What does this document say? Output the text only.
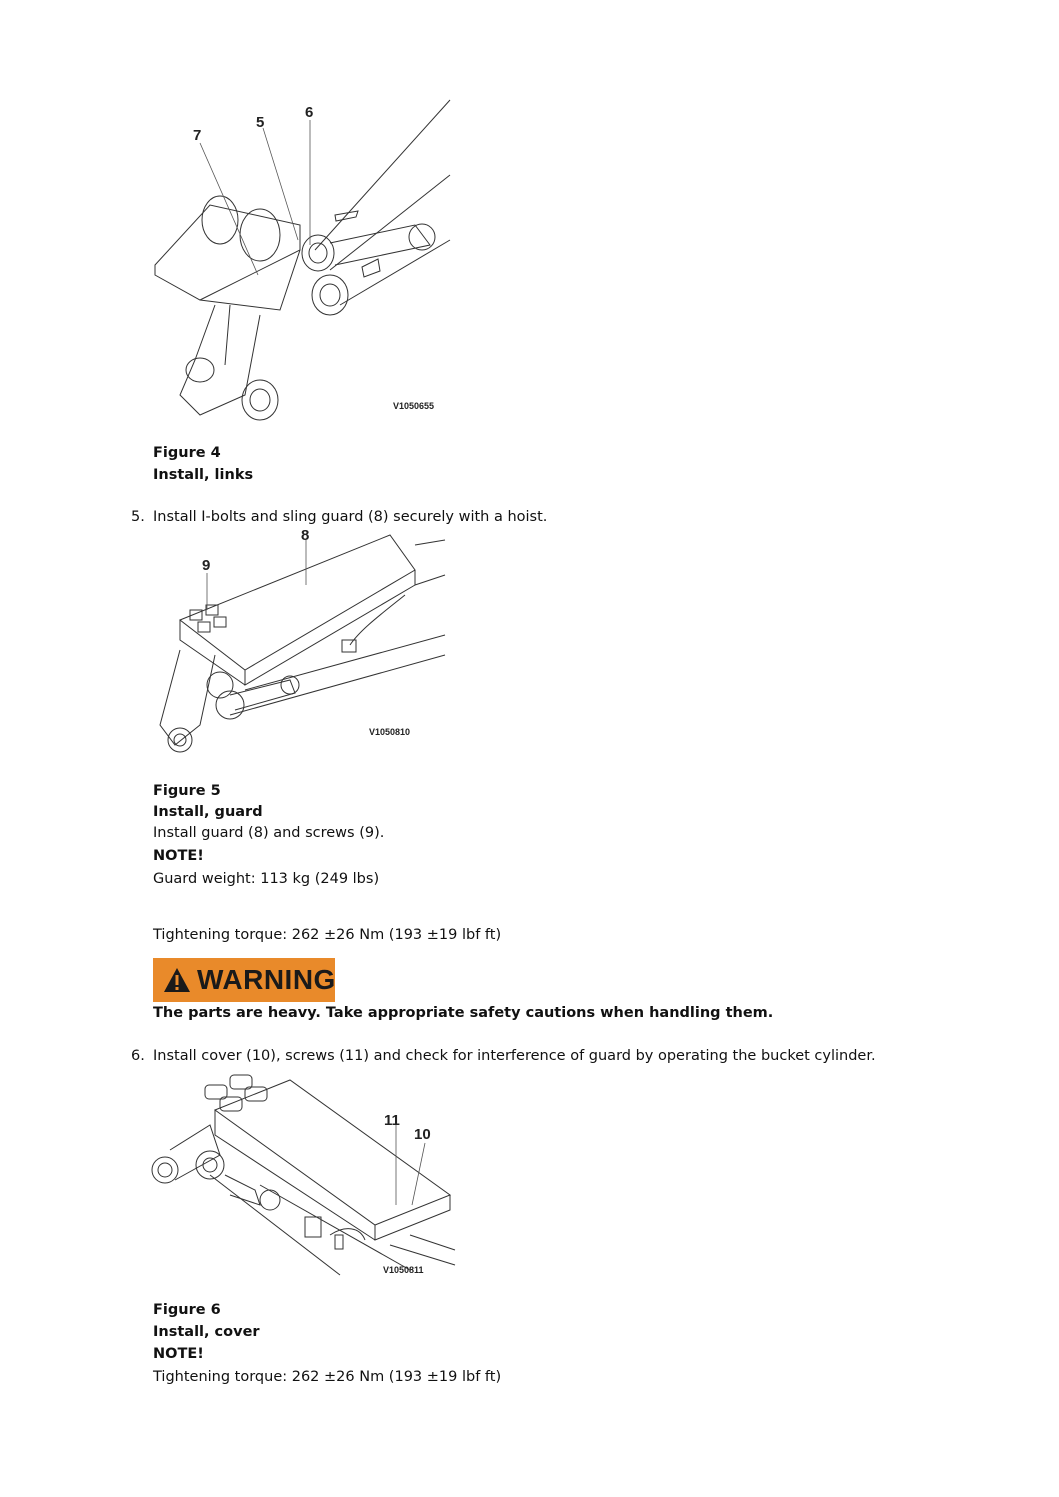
7
5
6
V1050655
Figure 4
Install, links
5. Install I-bolts and sling guard (8) securely with a hoist.
8
9
V1050810
Figure 5
Install, guard
Install guard (8) and screws (9).
NOTE!
Guard weight: 113 kg (249 lbs)
Tightening torque: 262 ±26 Nm (193 ±19 lbf ft)
WARNING
The parts are heavy. Take appropriate safety cautions when handling them.
6. Install cover (10), screws (11) and check for interference of guard by operating the bucket cylinder.
11
10
V1050811
Figure 6
Install, cover
NOTE!
Tightening torque: 262 ±26 Nm (193 ±19 lbf ft)
